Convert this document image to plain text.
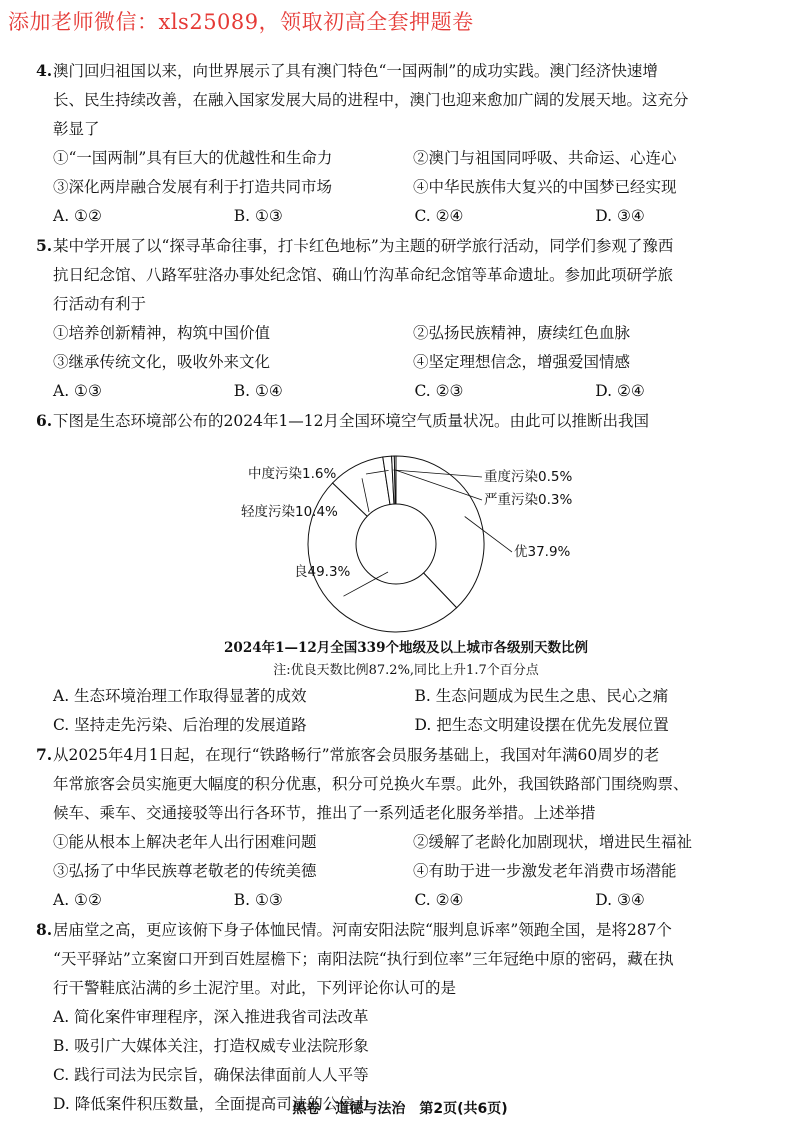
添加老师微信：xls25089，领取初高全套押题卷
4.澳门回归祖国以来，向世界展示了具有澳门特色“一国两制”的成功实践。澳门经济快速增
长、民生持续改善，在融入国家发展大局的进程中，澳门也迎来愈加广阔的发展天地。这充分
彰显了
①“一国两制”具有巨大的优越性和生命力	②澳门与祖国同呼吸、共命运、心连心
③深化两岸融合发展有利于打造共同市场	④中华民族伟大复兴的中国梦已经实现
A. ①②	B. ①③	C. ②④	D. ③④
5.某中学开展了以“探寻革命往事，打卡红色地标”为主题的研学旅行活动，同学们参观了豫西
抗日纪念馆、八路军驻洛办事处纪念馆、确山竹沟革命纪念馆等革命遗址。参加此项研学旅
行活动有利于
①培养创新精神，构筑中国价值	②弘扬民族精神，赓续红色血脉
③继承传统文化，吸收外来文化	④坚定理想信念，增强爱国情感
A. ①③	B. ①④	C. ②③	D. ②④
6.下图是生态环境部公布的2024年1—12月全国环境空气质量状况。由此可以推断出我国
优37.9%
良49.3%
轻度污染10.4%
中度污染1.6%	重度污染0.5%
严重污染0.3%
2024年1—12月全国339个地级及以上城市各级别天数比例
注:优良天数比例87.2%,同比上升1.7个百分点
A. 生态环境治理工作取得显著的成效	B. 生态问题成为民生之患、民心之痛
C. 坚持走先污染、后治理的发展道路	D. 把生态文明建设摆在优先发展位置
7.从2025年4月1日起，在现行“铁路畅行”常旅客会员服务基础上，我国对年满60周岁的老
年常旅客会员实施更大幅度的积分优惠，积分可兑换火车票。此外，我国铁路部门围绕购票、
候车、乘车、交通接驳等出行各环节，推出了一系列适老化服务举措。上述举措
①能从根本上解决老年人出行困难问题	②缓解了老龄化加剧现状，增进民生福祉
③弘扬了中华民族尊老敬老的传统美德	④有助于进一步激发老年消费市场潜能
A. ①②	B. ①③	C. ②④	D. ③④
8.居庙堂之高，更应该俯下身子体恤民情。河南安阳法院“服判息诉率”领跑全国，是将287个
“天平驿站”立案窗口开到百姓屋檐下；南阳法院“执行到位率”三年冠绝中原的密码，藏在执
行干警鞋底沾满的乡土泥泞里。对此，下列评论你认可的是
A. 简化案件审理程序，深入推进我省司法改革
B. 吸引广大媒体关注，打造权威专业法院形象
C. 践行司法为民宗旨，确保法律面前人人平等
D. 降低案件积压数量，全面提高司法的公信力
黑卷 · 道德与法治　第2页(共6页)
